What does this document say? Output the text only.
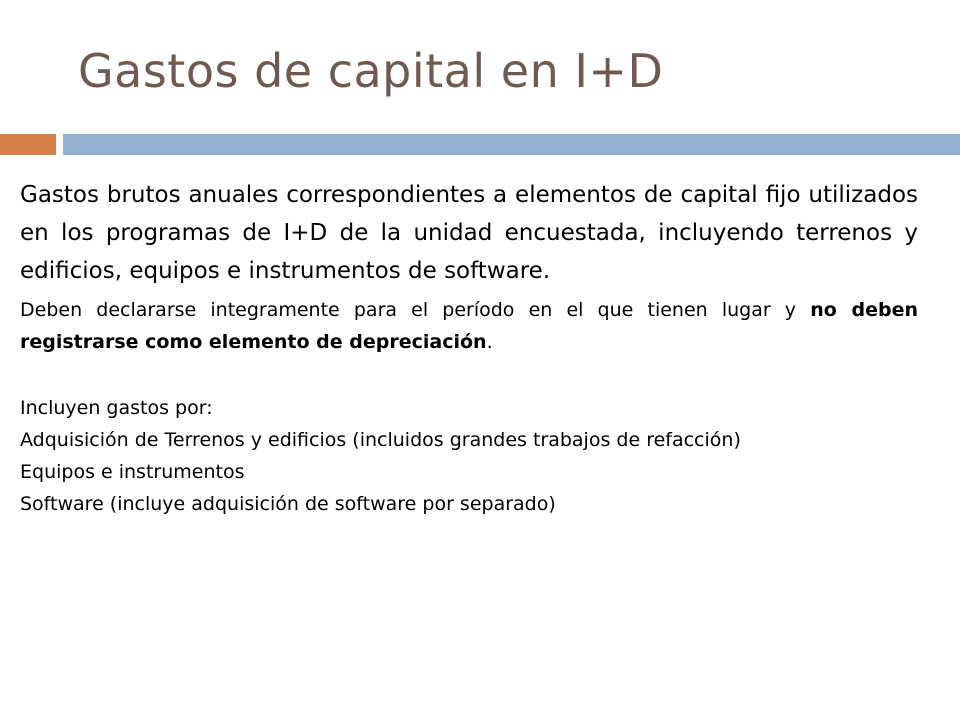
Gastos de capital en I+D

Gastos brutos anuales correspondientes a elementos de capital fijo utilizados en los programas de I+D de la unidad encuestada, incluyendo terrenos y edificios, equipos e instrumentos de software.

Deben declararse integramente para el período en el que tienen lugar y no deben registrarse como elemento de depreciación.

Incluyen gastos por:

Adquisición de Terrenos y edificios (incluidos grandes trabajos de refacción)

Equipos e instrumentos

Software (incluye adquisición de software por separado)
